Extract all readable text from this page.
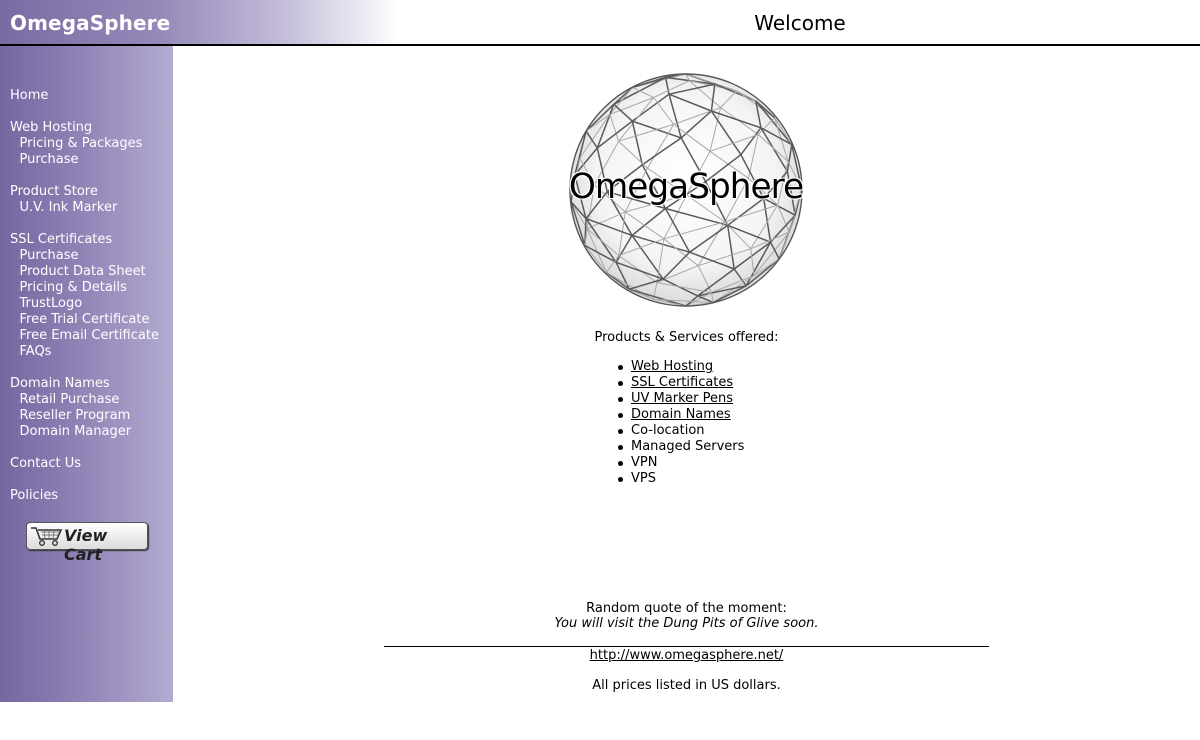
OmegaSphere	Welcome
Home
Web Hosting
Pricing & Packages
Purchase
Product Store
U.V. Ink Marker
SSL Certificates
Purchase
Product Data Sheet
Pricing & Details
TrustLogo
Free Trial Certificate
Free Email Certificate
FAQs
Domain Names
Retail Purchase
Reseller Program
Domain Manager
Contact Us
Policies
View Cart
OmegaSphere
Products & Services offered:
Web Hosting
SSL Certificates
UV Marker Pens
Domain Names
Co-location
Managed Servers
VPN
VPS
Random quote of the moment:
You will visit the Dung Pits of Glive soon.
http://www.omegasphere.net/
All prices listed in US dollars.
